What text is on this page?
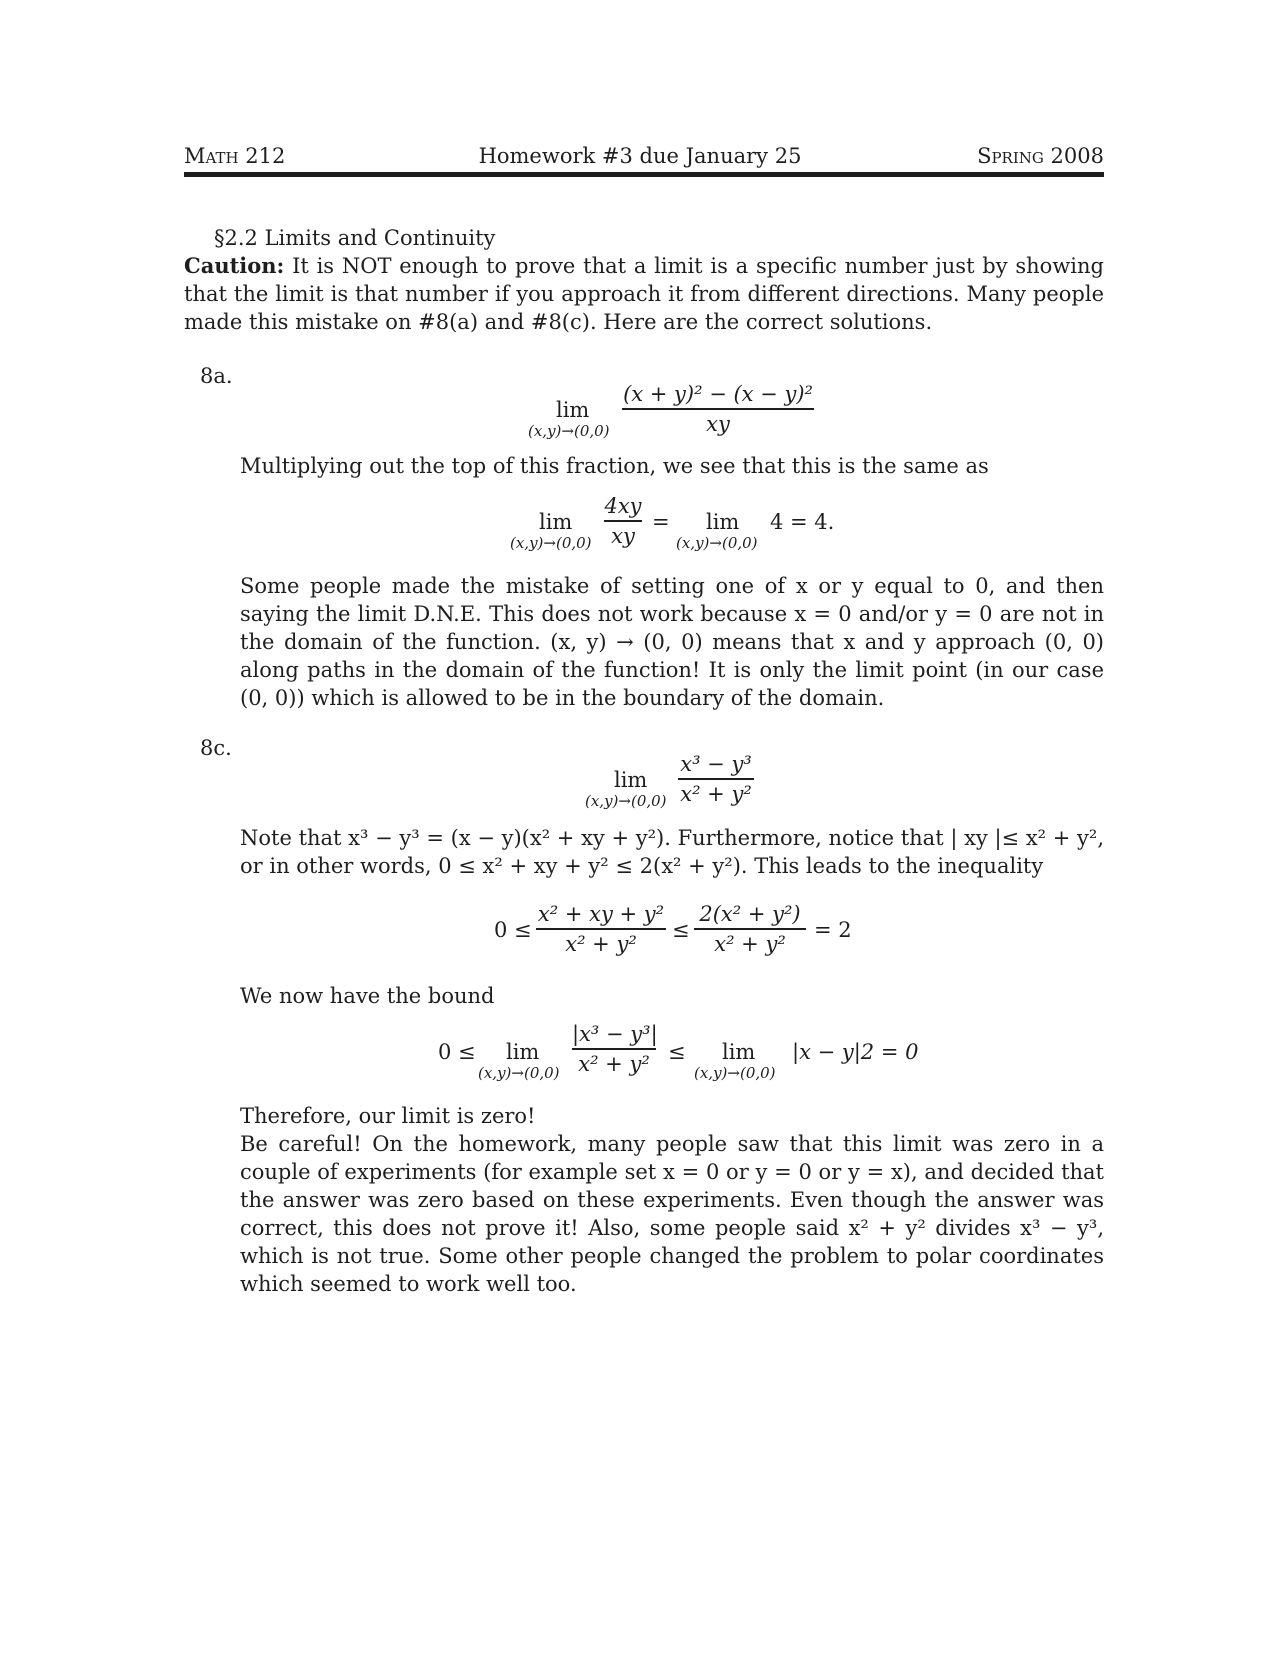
Math 212	Homework #3 due January 25	Spring 2008
§2.2 Limits and Continuity
Caution: It is NOT enough to prove that a limit is a specific number just by showing that the limit is that number if you approach it from different directions. Many people made this mistake on #8(a) and #8(c). Here are the correct solutions.
8a.
lim
(x,y)→(0,0)
(x + y)² − (x − y)²
xy
Multiplying out the top of this fraction, we see that this is the same as
lim
(x,y)→(0,0)
4xy
xy
= lim
(x,y)→(0,0)
4 = 4.
Some people made the mistake of setting one of x or y equal to 0, and then saying the limit D.N.E. This does not work because x = 0 and/or y = 0 are not in the domain of the function. (x, y) → (0, 0) means that x and y approach (0, 0) along paths in the domain of the function! It is only the limit point (in our case (0, 0)) which is allowed to be in the boundary of the domain.
8c.
lim
(x,y)→(0,0)
x³ − y³
x² + y²
Note that x³ − y³ = (x − y)(x² + xy + y²). Furthermore, notice that | xy |≤ x² + y², or in other words, 0 ≤ x² + xy + y² ≤ 2(x² + y²). This leads to the inequality
0 ≤
x² + xy + y²
x² + y²
≤
2(x² + y²)
x² + y²
= 2
We now have the bound
0 ≤ lim
(x,y)→(0,0)
|x³ − y³|
x² + y² ≤ lim
(x,y)→(0,0)
|x − y|2 = 0
Therefore, our limit is zero!
Be careful! On the homework, many people saw that this limit was zero in a couple of experiments (for example set x = 0 or y = 0 or y = x), and decided that the answer was zero based on these experiments. Even though the answer was correct, this does not prove it! Also, some people said x² + y² divides x³ − y³, which is not true. Some other people changed the problem to polar coordinates which seemed to work well too.
